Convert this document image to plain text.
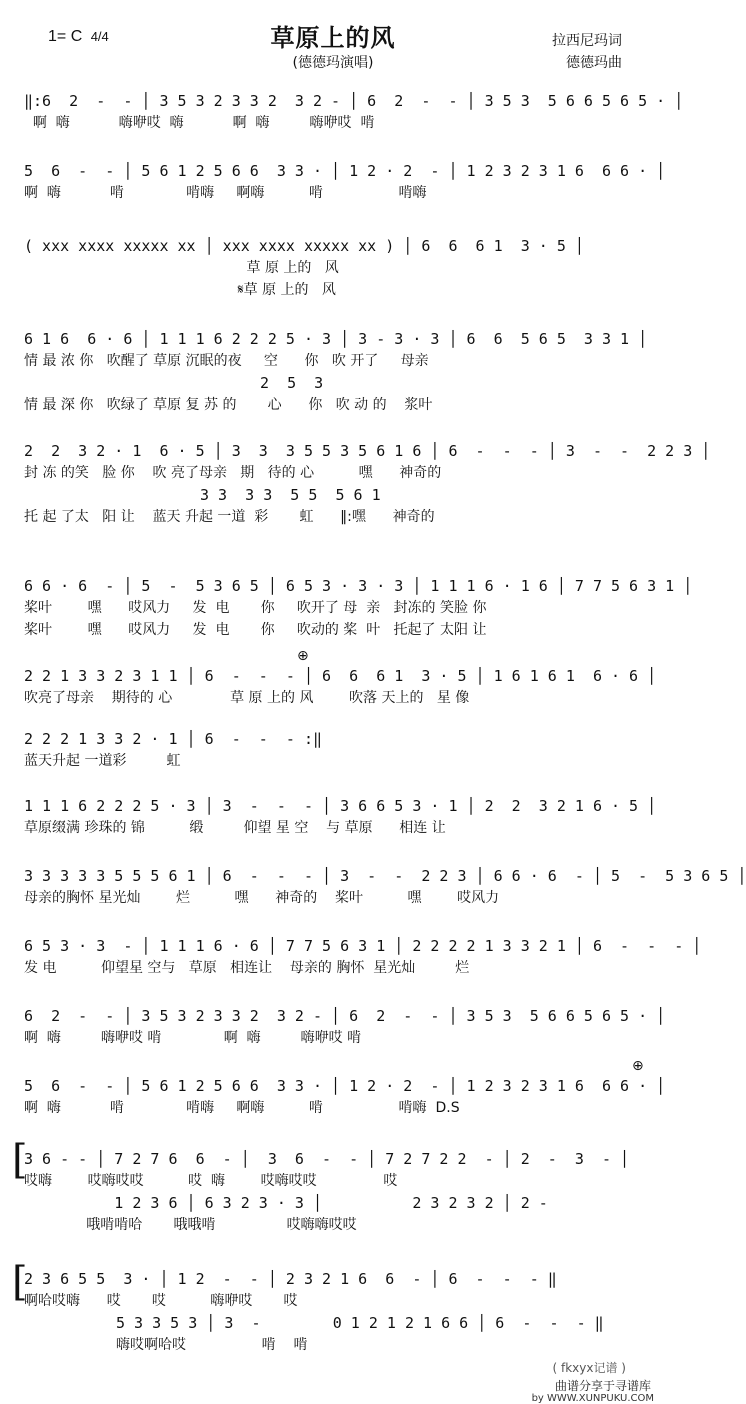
1= C 4/4	草原上的风
(德德玛演唱)
拉西尼玛词
德德玛曲
‖:6  2  -  - │ 3 5 3 2 3 3 2  3 2 - │ 6  2  -  - │ 3 5 3  5 6 6 5 6 5 · │
啊  嗨           嗨咿哎  嗨           啊  嗨         嗨咿哎  啃
5  6  -  - │ 5 6 1 2 5 6 6  3 3 · │ 1 2 · 2  - │ 1 2 3 2 3 1 6  6 6 · │
啊  嗨           啃              啃嗨     啊嗨          啃                 啃嗨
( xxx xxxx xxxxx xx │ xxx xxxx xxxxx xx ) │ 6  6  6 1  3 · 5 │
草 原 上的   风
𝄋草 原 上的   风
6 1 6  6 · 6 │ 1 1 1 6 2 2 2 5 · 3 │ 3 - 3 · 3 │ 6  6  5 6 5  3 3 1 │
情 最 浓 你   吹醒了 草原 沉眠的夜     空      你   吹 开了     母亲
2  5  3
情 最 深 你   吹绿了 草原 复 苏 的       心      你   吹 动 的    浆叶
2  2  3 2 · 1  6 · 5 │ 3  3  3 5 5 3 5 6 1 6 │ 6  -  -  - │ 3  -  -  2 2 3 │
封 冻 的笑   脸 你    吹 亮了母亲   期   待的 心          嘿      神奇的
3 3  3 3  5 5  5 6 1
托 起 了太   阳 让    蓝天 升起 一道  彩       虹      ‖:嘿      神奇的
6 6 · 6  - │ 5  -  5 3 6 5 │ 6 5 3 · 3 · 3 │ 1 1 1 6 · 1 6 │ 7 7 5 6 3 1 │
桨叶        嘿      哎风力     发  电       你     吹开了 母  亲   封冻的 笑脸 你
桨叶        嘿      哎风力     发  电       你     吹动的 桨  叶   托起了 太阳 让
2 2 1 3 3 2 3 1 1 │ 6  -  -  - │ 6  6  6 1  3 · 5 │ 1 6 1 6 1  6 · 6 │
吹亮了母亲    期待的 心             草 原 上的 风        吹落 天上的   星 像
⊕
2 2 2 1 3 3 2 · 1 │ 6  -  -  - :‖
蓝天升起 一道彩         虹
1 1 1 6 2 2 2 5 · 3 │ 3  -  -  - │ 3 6 6 5 3 · 1 │ 2  2  3 2 1 6 · 5 │
草原缀满 珍珠的 锦          缎         仰望 星 空    与 草原      相连 让
3 3 3 3 3 5 5 5 6 1 │ 6  -  -  - │ 3  -  -  2 2 3 │ 6 6 · 6  - │ 5  -  5 3 6 5 │
母亲的胸怀 星光灿        烂          嘿      神奇的    桨叶          嘿        哎风力
6 5 3 · 3  - │ 1 1 1 6 · 6 │ 7 7 5 6 3 1 │ 2 2 2 2 1 3 3 2 1 │ 6  -  -  - │
发 电          仰望星 空与   草原   相连让    母亲的 胸怀  星光灿         烂
6  2  -  - │ 3 5 3 2 3 3 2  3 2 - │ 6  2  -  - │ 3 5 3  5 6 6 5 6 5 · │
啊  嗨         嗨咿哎 啃              啊  嗨         嗨咿哎 啃
5  6  -  - │ 5 6 1 2 5 6 6  3 3 · │ 1 2 · 2  - │ 1 2 3 2 3 1 6  6 6 · │
啊  嗨           啃              啃嗨     啊嗨          啃                 啃嗨  D.S
⊕
[
3 6 - - │ 7 2 7 6  6  - │  3  6  -  - │ 7 2 7 2 2  - │ 2  -  3  - │
哎嗨        哎嗨哎哎          哎  嗨        哎嗨哎哎               哎
1 2 3 6 │ 6 3 2 3 · 3 │          2 3 2 3 2 │ 2 -
哦啃啃哈       哦哦啃                哎嗨嗨哎哎
[
2 3 6 5 5  3 · │ 1 2  -  - │ 2 3 2 1 6  6  - │ 6  -  -  - ‖
啊哈哎嗨      哎       哎          嗨咿哎       哎
5 3 3 5 3 │ 3  -        0 1 2 1 2 1 6 6 │ 6  -  -  - ‖
嗨哎啊哈哎                 啃    啃
( fkxyx记谱 )
曲谱分享于寻谱库
by WWW.XUNPUKU.COM
